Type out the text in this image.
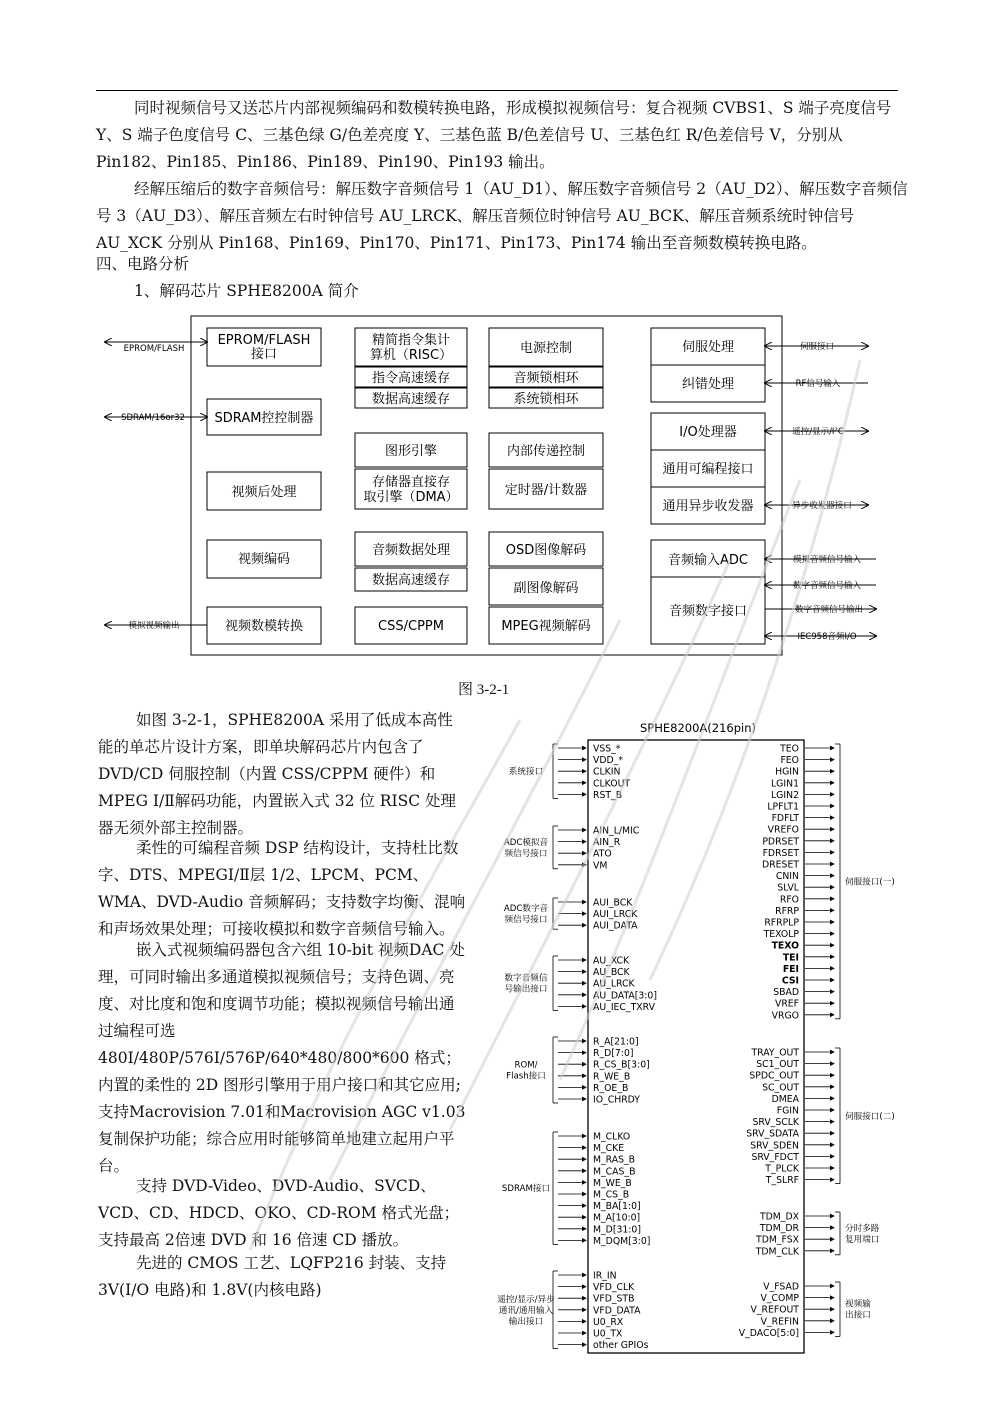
同时视频信号又送芯片内部视频编码和数模转换电路，形成模拟视频信号：复合视频 CVBS1、S 端子亮度信号 Y、S 端子色度信号 C、三基色绿 G/色差亮度 Y、三基色蓝 B/色差信号 U、三基色红 R/色差信号 V，分别从 Pin182、Pin185、Pin186、Pin189、Pin190、Pin193 输出。

经解压缩后的数字音频信号：解压数字音频信号 1（AU_D1）、解压数字音频信号 2（AU_D2）、解压数字音频信号 3（AU_D3）、解压音频左右时钟信号 AU_LRCK、解压音频位时钟信号 AU_BCK、解压音频系统时钟信号 AU_XCK 分别从 Pin168、Pin169、Pin170、Pin171、Pin173、Pin174 输出至音频数模转换电路。

四、电路分析

1、解码芯片 SPHE8200A 简介

EPROM/FLASH
接口
SDRAM控控制器
视频后处理
视频编码
视频数模转换
精简指令集计
算机（RISC）
指令高速缓存
数据高速缓存
图形引擎
存储器直接存
取引擎（DMA）
音频数据处理
数据高速缓存
CSS/CPPM
电源控制
音频锁相环
系统锁相环
内部传递控制
定时器/计数器
OSD图像解码
副图像解码
MPEG视频解码
伺服处理
纠错处理
I/O处理器
通用可编程接口
通用异步收发器
音频输入ADC
音频数字接口
EPROM/FLASH
SDRAM/16or32
模拟视频输出
伺服接口
RF信号输入
遥控/显示/I²C
异步收发器接口
模拟音频信号输入
数字音频信号输入
数字音频信号输出
IEC958音频I/O
图 3-2-1

如图 3-2-1，SPHE8200A 采用了低成本高性能的单芯片设计方案，即单块解码芯片内包含了DVD/CD 伺服控制（内置 CSS/CPPM 硬件）和 MPEG Ⅰ/Ⅱ解码功能，内置嵌入式 32 位 RISC 处理器无须外部主控制器。

柔性的可编程音频 DSP 结构设计，支持杜比数字、DTS、MPEGⅠ/Ⅱ层 1/2、LPCM、PCM、WMA、DVD-Audio 音频解码；支持数字均衡、混响和声场效果处理；可接收模拟和数字音频信号输入。

嵌入式视频编码器包含六组 10-bit 视频DAC 处理，可同时输出多通道模拟视频信号；支持色调、亮度、对比度和饱和度调节功能；模拟视频信号输出通过编程可选

480I/480P/576I/576P/640*480/800*600 格式；内置的柔性的 2D 图形引擎用于用户接口和其它应用;支持Macrovision 7.01和Macrovision AGC v1.03 复制保护功能；综合应用时能够简单地建立起用户平台。

支持 DVD-Video、DVD-Audio、SVCD、VCD、CD、HDCD、OKO、CD-ROM 格式光盘；支持最高 2倍速 DVD 和 16 倍速 CD 播放。

先进的 CMOS 工艺、LQFP216 封装、支持3V(I/O 电路)和 1.8V(内核电路)

SPHE8200A(216pin)
VSS_*
VDD_*
CLKIN
CLKOUT
RST_B
系统接口
AIN_L/MIC
AIN_R
ATO
VM
ADC模拟音
频信号接口
AUI_BCK
AUI_LRCK
AUI_DATA
ADC数字音
频信号接口
AU_XCK
AU_BCK
AU_LRCK
AU_DATA[3:0]
AU_IEC_TXRV
数字音频信
号输出接口
R_A[21:0]
R_D[7:0]
R_CS_B[3:0]
R_WE_B
R_OE_B
IO_CHRDY
ROM/
Flash接口
M_CLKO
M_CKE
M_RAS_B
M_CAS_B
M_WE_B
M_CS_B
M_BA[1:0]
M_A[10:0]
M_D[31:0]
M_DQM[3:0]
SDRAM接口
IR_IN
VFD_CLK
VFD_STB
VFD_DATA
U0_RX
U0_TX
other GPIOs
遥控/显示/异步
通讯/通用输入
输出接口
TEO
FEO
HGIN
LGIN1
LGIN2
LPFLT1
FDFLT
VREFO
PDRSET
FDRSET
DRESET
CNIN
SLVL
RFO
RFRP
RFRPLP
TEXOLP
TEXO
TEI
FEI
CSI
SBAD
VREF
VRGO
伺服接口(一)
TRAY_OUT
SC1_OUT
SPDC_OUT
SC_OUT
DMEA
FGIN
SRV_SCLK
SRV_SDATA
SRV_SDEN
SRV_FDCT
T_PLCK
T_SLRF
伺服接口(二)
TDM_DX
TDM_DR
TDM_FSX
TDM_CLK
分时多路
复用端口
V_FSAD
V_COMP
V_REFOUT
V_REFIN
V_DACO[5:0]
视频输
出接口
